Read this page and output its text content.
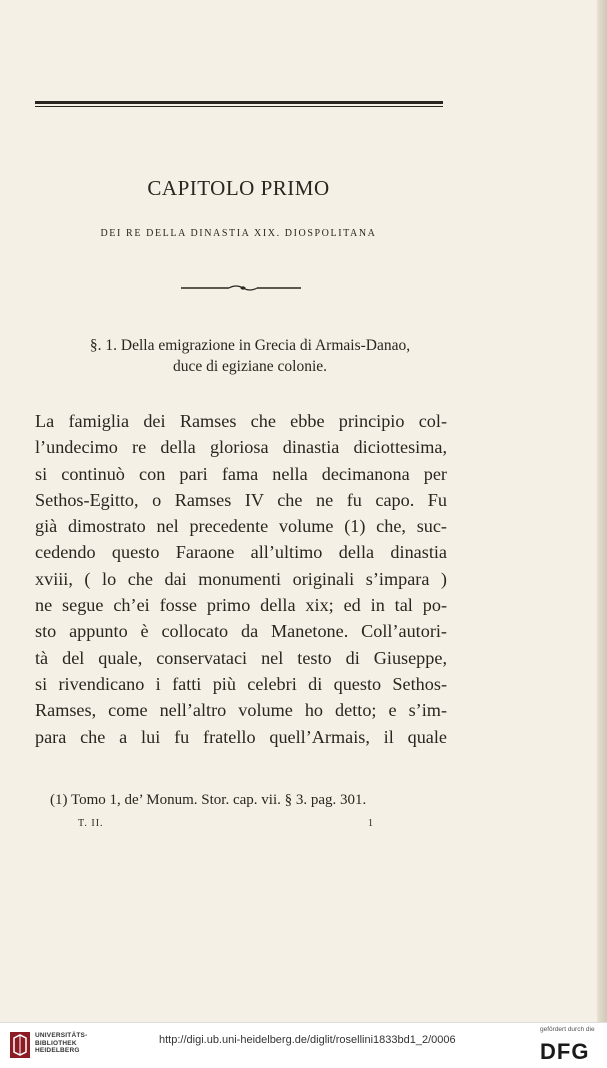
CAPITOLO PRIMO
DEI RE DELLA DINASTIA XIX. DIOSPOLITANA
§. 1. Della emigrazione in Grecia di Armais-Danao,
duce di egiziane colonie.
La famiglia dei Ramses che ebbe principio col-
l’undecimo re della gloriosa dinastia diciottesima,
si continuò con pari fama nella decimanona per
Sethos-Egitto, o Ramses IV che ne fu capo. Fu
già dimostrato nel precedente volume (1) che, suc-
cedendo questo Faraone all’ultimo della dinastia
xviii, ( lo che dai monumenti originali s’impara )
ne segue ch’ei fosse primo della xix; ed in tal po-
sto appunto è collocato da Manetone. Coll’autori-
tà del quale, conservataci nel testo di Giuseppe,
si rivendicano i fatti più celebri di questo Sethos-
Ramses, come nell’altro volume ho detto; e s’im-
para che a lui fu fratello quell’Armais, il quale
(1) Tomo 1, de’ Monum. Stor. cap. vii. § 3. pag. 301.
T. II.	1
UNIVERSITÄTS-
BIBLIOTHEK
HEIDELBERG
http://digi.ub.uni-heidelberg.de/diglit/rosellini1833bd1_2/0006
gefördert durch die
DFG
